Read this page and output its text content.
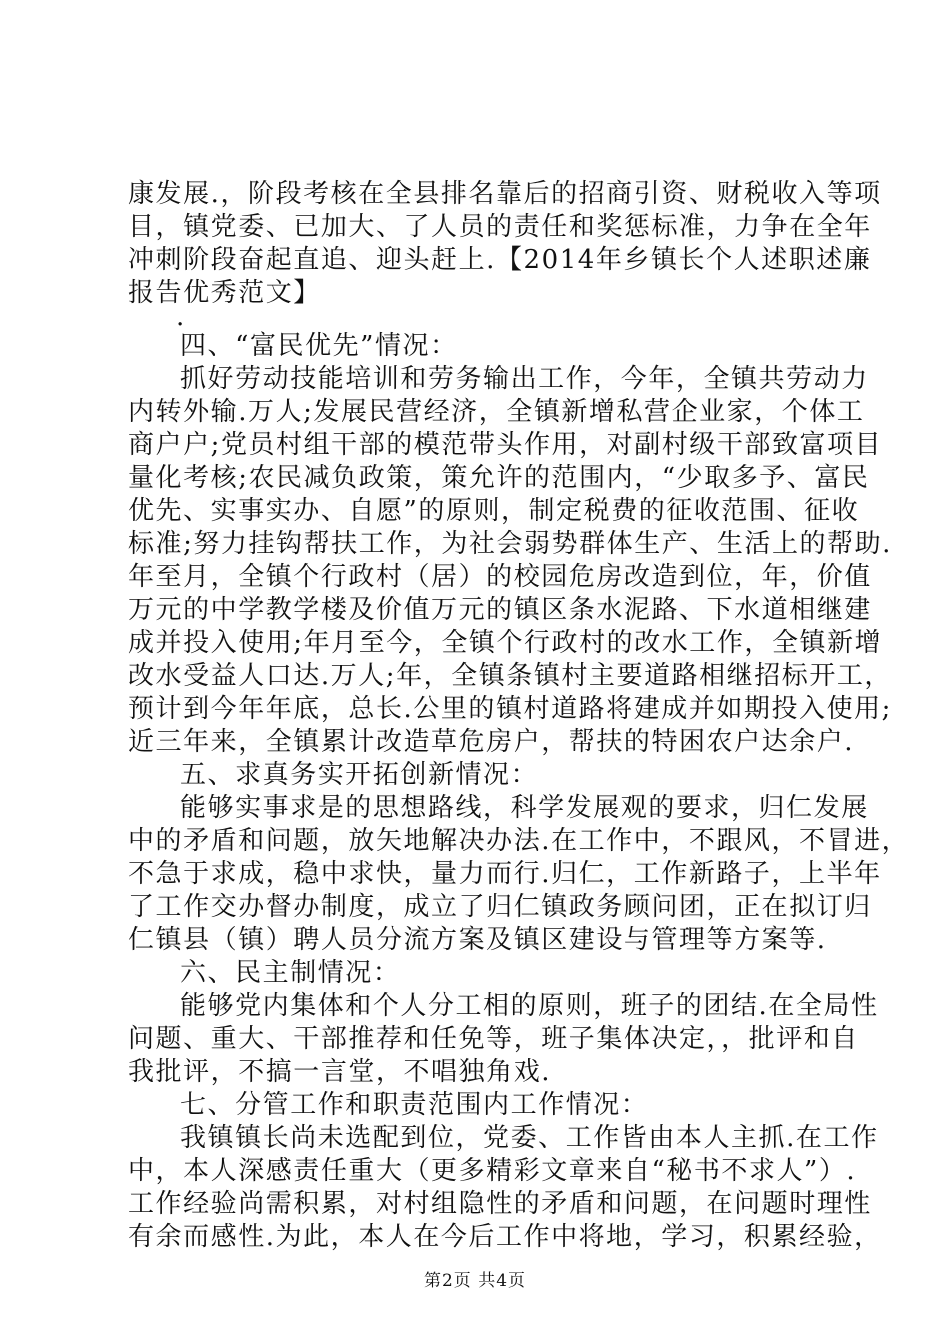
康发展.，阶段考核在全县排名靠后的招商引资、财税收入等项
目，镇党委、已加大、了人员的责任和奖惩标准，力争在全年
冲刺阶段奋起直追、迎头赶上.【2014年乡镇长个人述职述廉
报告优秀范文】
.
四、“富民优先”情况：
抓好劳动技能培训和劳务输出工作，今年，全镇共劳动力
内转外输.万人;发展民营经济，全镇新增私营企业家，个体工
商户户;党员村组干部的模范带头作用，对副村级干部致富项目
量化考核;农民减负政策，策允许的范围内，“少取多予、富民
优先、实事实办、自愿”的原则，制定税费的征收范围、征收
标准;努力挂钩帮扶工作，为社会弱势群体生产、生活上的帮助.
年至月，全镇个行政村（居）的校园危房改造到位，年，价值
万元的中学教学楼及价值万元的镇区条水泥路、下水道相继建
成并投入使用;年月至今，全镇个行政村的改水工作，全镇新增
改水受益人口达.万人;年，全镇条镇村主要道路相继招标开工，
预计到今年年底，总长.公里的镇村道路将建成并如期投入使用;
近三年来，全镇累计改造草危房户，帮扶的特困农户达余户.
五、求真务实开拓创新情况：
能够实事求是的思想路线，科学发展观的要求，归仁发展
中的矛盾和问题，放矢地解决办法.在工作中，不跟风，不冒进，
不急于求成，稳中求快，量力而行.归仁，工作新路子，上半年
了工作交办督办制度，成立了归仁镇政务顾问团，正在拟订归
仁镇县（镇）聘人员分流方案及镇区建设与管理等方案等.
六、民主制情况：
能够党内集体和个人分工相的原则，班子的团结.在全局性
问题、重大、干部推荐和任免等，班子集体决定，，批评和自
我批评，不搞一言堂，不唱独角戏.
七、分管工作和职责范围内工作情况：
我镇镇长尚未选配到位，党委、工作皆由本人主抓.在工作
中，本人深感责任重大（更多精彩文章来自“秘书不求人”）.
工作经验尚需积累，对村组隐性的矛盾和问题，在问题时理性
有余而感性.为此，本人在今后工作中将地，学习，积累经验，
第2页 共4页
